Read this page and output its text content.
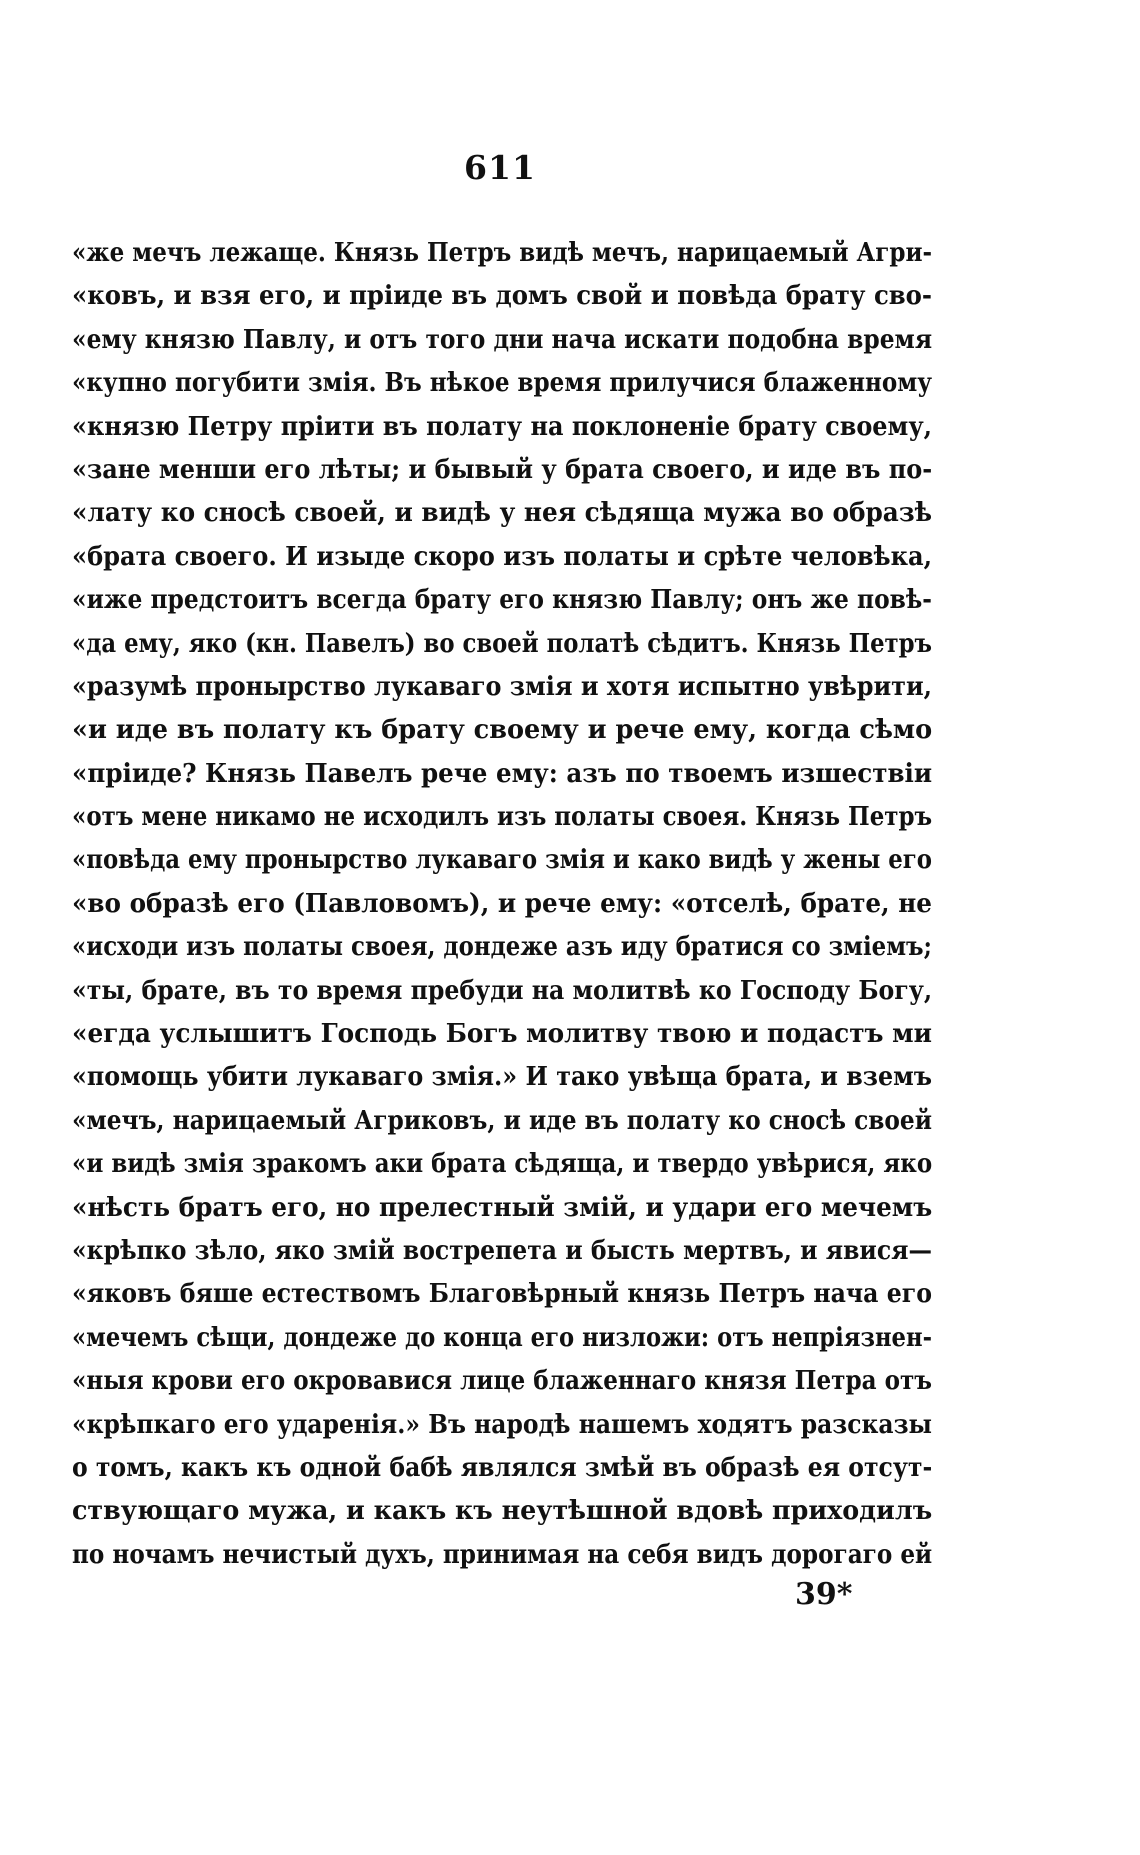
611
«же мечъ лежаще. Князь Петръ видѣ мечъ, нарицаемый Агри-
«ковъ, и взя его, и пріиде въ домъ свой и повѣда брату сво-
«ему князю Павлу, и отъ того дни нача искати подобна время
«купно погубити змія. Въ нѣкое время прилучися блаженному
«князю Петру пріити въ полату на поклоненіе брату своему,
«зане менши его лѣты; и бывый у брата своего, и иде въ по-
«лату ко сносѣ своей, и видѣ у нея сѣдяща мужа во образѣ
«брата своего. И изыде скоро изъ полаты и срѣте человѣка,
«иже предстоитъ всегда брату его князю Павлу; онъ же повѣ-
«да ему, яко (кн. Павелъ) во своей полатѣ сѣдитъ. Князь Петръ
«разумѣ пронырство лукаваго змія и хотя испытно увѣрити,
«и иде въ полату къ брату своему и рече ему, когда сѣмо
«пріиде? Князь Павелъ рече ему: азъ по твоемъ изшествіи
«отъ мене никамо не исходилъ изъ полаты своея. Князь Петръ
«повѣда ему пронырство лукаваго змія и како видѣ у жены его
«во образѣ его (Павловомъ), и рече ему: «отселѣ, брате, не
«исходи изъ полаты своея, дондеже азъ иду братися со зміемъ;
«ты, брате, въ то время пребуди на молитвѣ ко Господу Богу,
«егда услышитъ Господь Богъ молитву твою и подастъ ми
«помощь убити лукаваго змія.» И тако увѣща брата, и вземъ
«мечъ, нарицаемый Агриковъ, и иде въ полату ко сносѣ своей
«и видѣ змія зракомъ аки брата сѣдяща, и твердо увѣрися, яко
«нѣсть братъ его, но прелестный змій, и удари его мечемъ
«крѣпко зѣло, яко змій вострепета и бысть мертвъ, и явися—
«яковъ бяше естествомъ Благовѣрный князь Петръ нача его
«мечемъ сѣщи, дондеже до конца его низложи: отъ непріязнен-
«ныя крови его окровавися лице блаженнаго князя Петра отъ
«крѣпкаго его ударенія.» Въ народѣ нашемъ ходятъ разсказы
о томъ, какъ къ одной бабѣ являлся змѣй въ образѣ ея отсут-
ствующаго мужа, и какъ къ неутѣшной вдовѣ приходилъ
по ночамъ нечистый духъ, принимая на себя видъ дорогаго ей
39*
